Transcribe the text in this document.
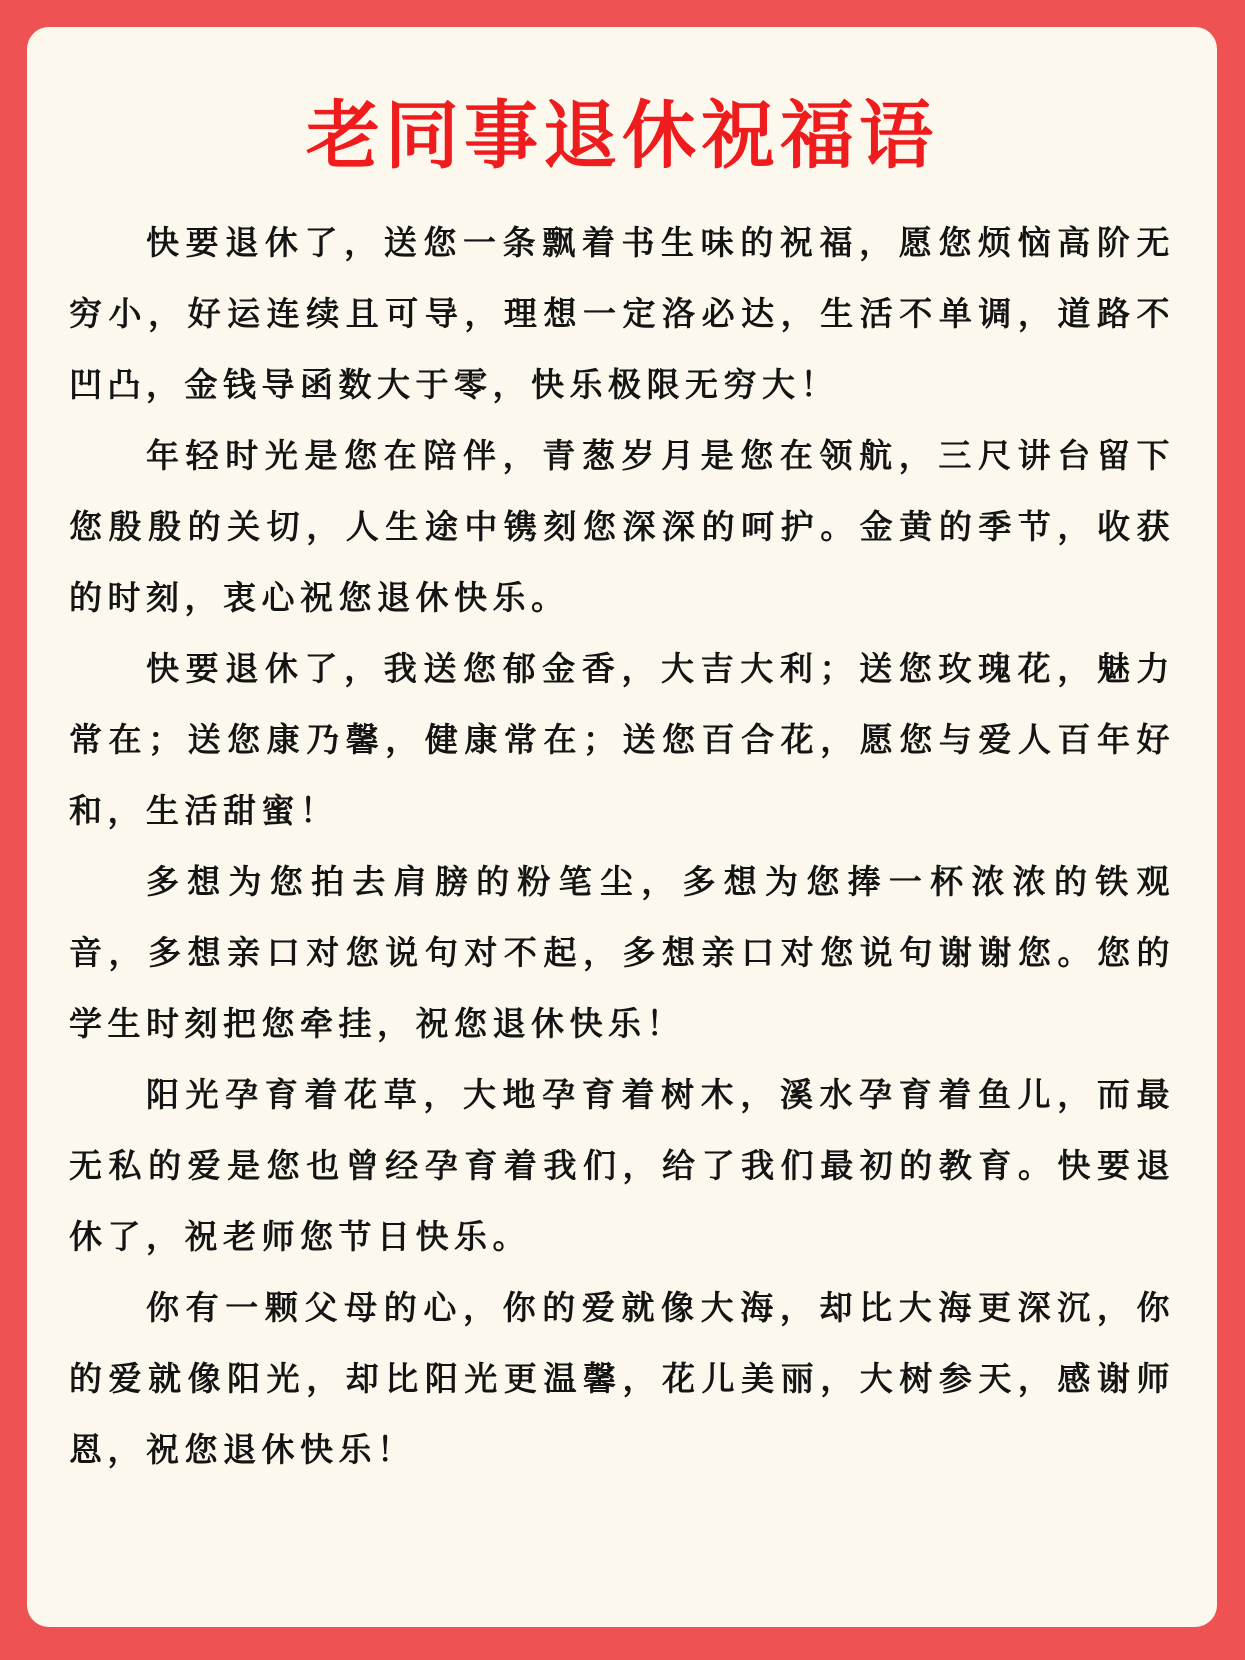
老同事退休祝福语

快要退休了，送您一条飘着书生味的祝福，愿您烦恼高阶无穷小，好运连续且可导，理想一定洛必达，生活不单调，道路不凹凸，金钱导函数大于零，快乐极限无穷大！

年轻时光是您在陪伴，青葱岁月是您在领航，三尺讲台留下您殷殷的关切，人生途中镌刻您深深的呵护。金黄的季节，收获的时刻，衷心祝您退休快乐。

快要退休了，我送您郁金香，大吉大利；送您玫瑰花，魅力常在；送您康乃馨，健康常在；送您百合花，愿您与爱人百年好和，生活甜蜜！

多想为您拍去肩膀的粉笔尘，多想为您捧一杯浓浓的铁观音，多想亲口对您说句对不起，多想亲口对您说句谢谢您。您的学生时刻把您牵挂，祝您退休快乐！

阳光孕育着花草，大地孕育着树木，溪水孕育着鱼儿，而最无私的爱是您也曾经孕育着我们，给了我们最初的教育。快要退休了，祝老师您节日快乐。

你有一颗父母的心，你的爱就像大海，却比大海更深沉，你的爱就像阳光，却比阳光更温馨，花儿美丽，大树参天，感谢师恩，祝您退休快乐！
